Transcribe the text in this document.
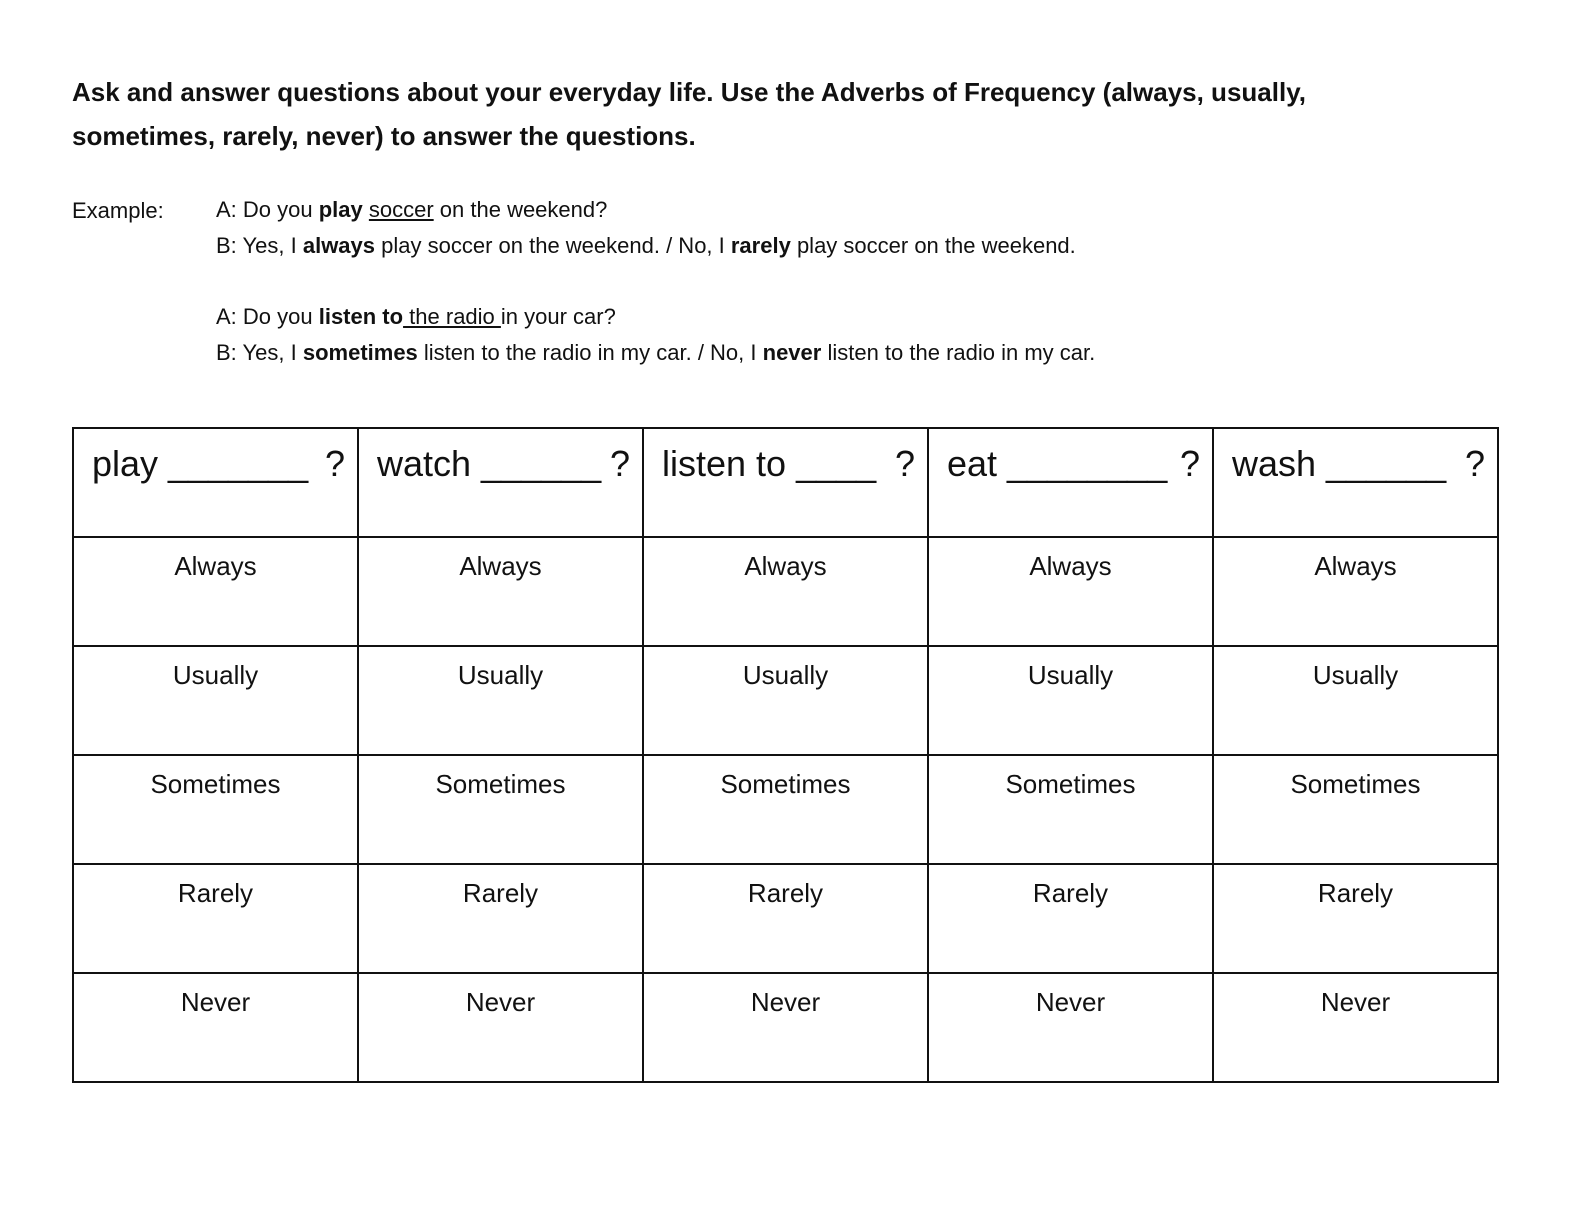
Ask and answer questions about your everyday life. Use the Adverbs of Frequency (always, usually,
sometimes, rarely, never) to answer the questions.
Example: A: Do you play soccer on the weekend?
B: Yes, I always play soccer on the weekend. / No, I rarely play soccer on the weekend.
A: Do you listen to the radio in your car?
B: Yes, I sometimes listen to the radio in my car. / No, I never listen to the radio in my car.
play _______ ?	watch ______ ?	listen to ____ ?	eat ________ ?	wash ______ ?

Always	Always	Always	Always	Always

Usually	Usually	Usually	Usually	Usually

Sometimes	Sometimes	Sometimes	Sometimes	Sometimes

Rarely	Rarely	Rarely	Rarely	Rarely

Never	Never	Never	Never	Never
